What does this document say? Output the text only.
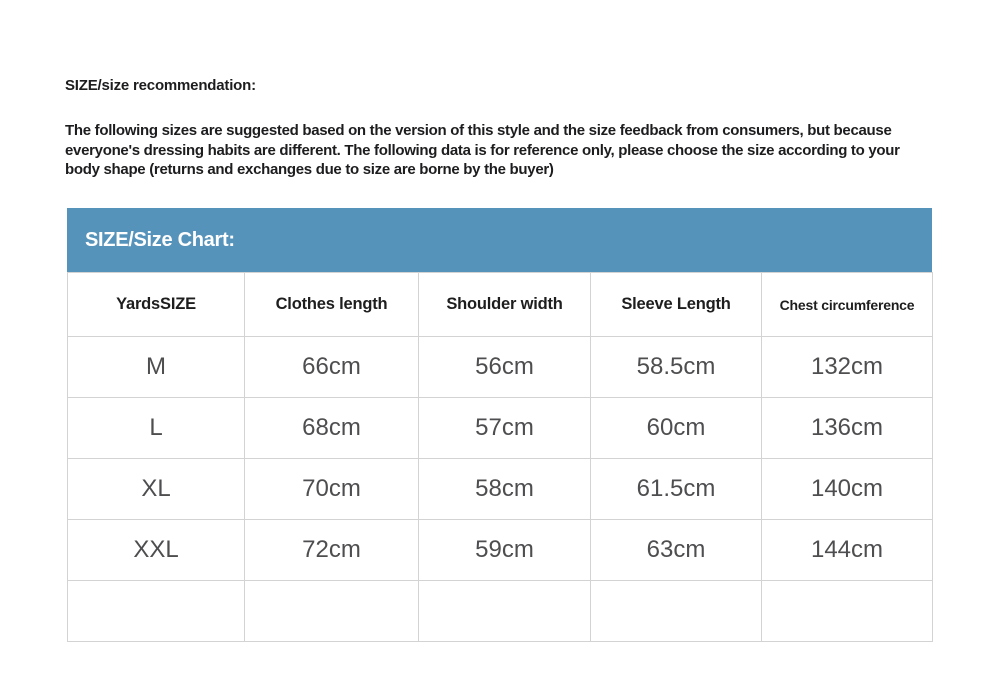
SIZE/size recommendation:
The following sizes are suggested based on the version of this style and the size feedback from consumers, but because everyone's dressing habits are different. The following data is for reference only, please choose the size according to your body shape (returns and exchanges due to size are borne by the buyer)
SIZE/Size Chart:
YardsSIZE	Clothes length	Shoulder width	Sleeve Length	Chest circumference
M	66cm	56cm	58.5cm	132cm
L	68cm	57cm	60cm	136cm
XL	70cm	58cm	61.5cm	140cm
XXL	72cm	59cm	63cm	144cm
